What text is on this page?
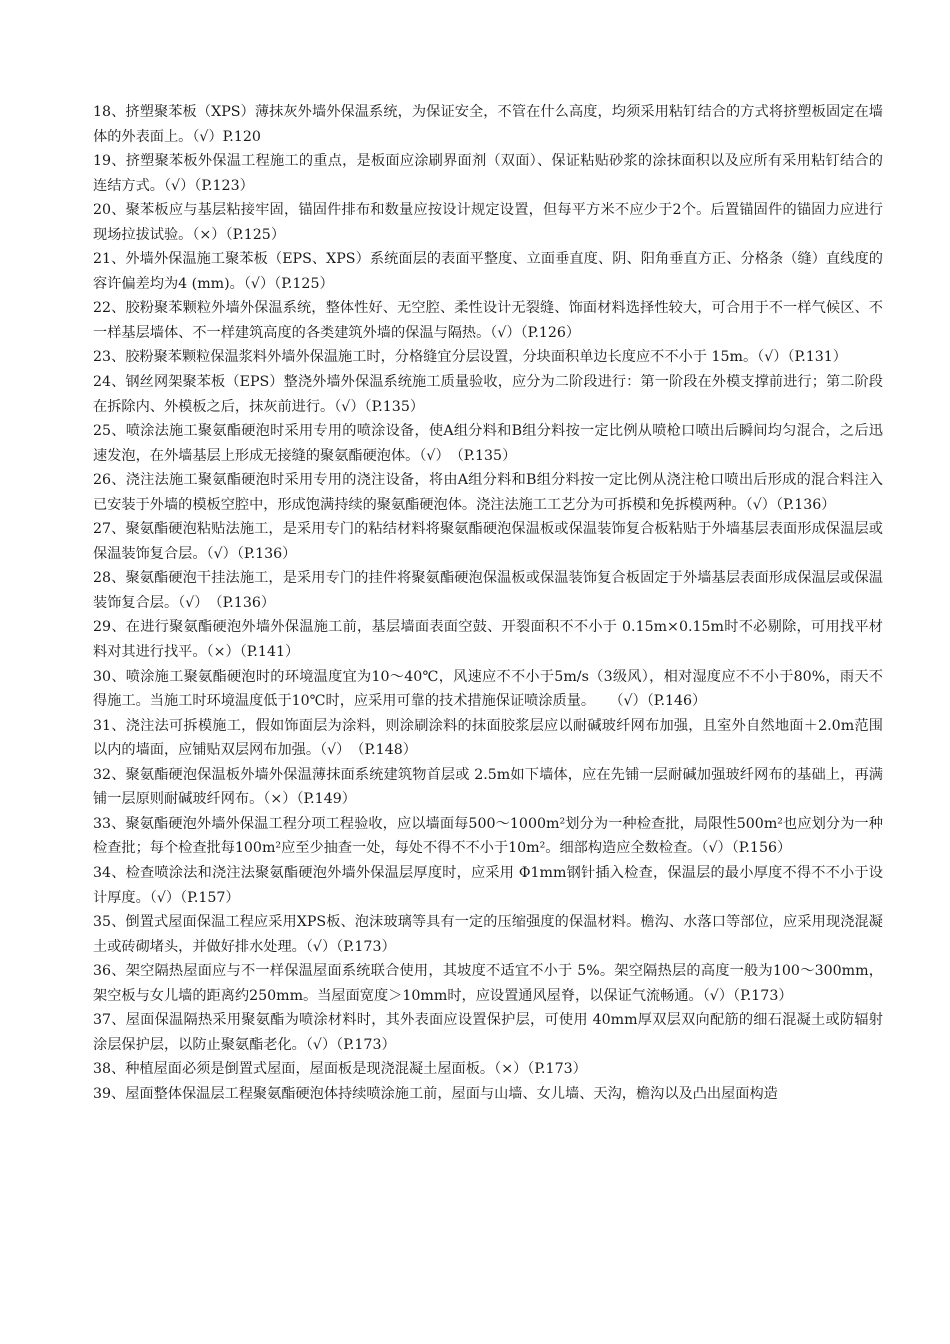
18、挤塑聚苯板（XPS）薄抹灰外墙外保温系统，为保证安全，不管在什么高度，均须采用粘钉结合的方式将挤塑板固定在墙体的外表面上。（√）P.120

19、挤塑聚苯板外保温工程施工的重点，是板面应涂刷界面剂（双面）、保证粘贴砂浆的涂抹面积以及应所有采用粘钉结合的连结方式。（√）（P.123）

20、聚苯板应与基层粘接牢固，锚固件排布和数量应按设计规定设置，但每平方米不应少于2个。后置锚固件的锚固力应进行现场拉拔试验。（×）（P.125）

21、外墙外保温施工聚苯板（EPS、XPS）系统面层的表面平整度、立面垂直度、阴、阳角垂直方正、分格条（缝）直线度的容许偏差均为4 (mm)。（√）（P.125）

22、胶粉聚苯颗粒外墙外保温系统，整体性好、无空腔、柔性设计无裂缝、饰面材料选择性较大，可合用于不一样气候区、不一样基层墙体、不一样建筑高度的各类建筑外墙的保温与隔热。（√）（P.126）

23、胶粉聚苯颗粒保温浆料外墙外保温施工时，分格缝宜分层设置，分块面积单边长度应不不小于 15m。（√）（P.131）

24、钢丝网架聚苯板（EPS）整浇外墙外保温系统施工质量验收，应分为二阶段进行：第一阶段在外模支撑前进行；第二阶段在拆除内、外模板之后，抹灰前进行。（√）（P.135）

25、喷涂法施工聚氨酯硬泡时采用专用的喷涂设备，使A组分料和B组分料按一定比例从喷枪口喷出后瞬间均匀混合，之后迅速发泡，在外墙基层上形成无接缝的聚氨酯硬泡体。（√）　（P.135）

26、浇注法施工聚氨酯硬泡时采用专用的浇注设备，将由A组分料和B组分料按一定比例从浇注枪口喷出后形成的混合料注入已安装于外墙的模板空腔中，形成饱满持续的聚氨酯硬泡体。浇注法施工工艺分为可拆模和免拆模两种。（√）（P.136）

27、聚氨酯硬泡粘贴法施工，是采用专门的粘结材料将聚氨酯硬泡保温板或保温装饰复合板粘贴于外墙基层表面形成保温层或保温装饰复合层。（√）（P.136）

28、聚氨酯硬泡干挂法施工，是采用专门的挂件将聚氨酯硬泡保温板或保温装饰复合板固定于外墙基层表面形成保温层或保温装饰复合层。（√）　（P.136）

29、在进行聚氨酯硬泡外墙外保温施工前，基层墙面表面空鼓、开裂面积不不小于 0.15m×0.15m时不必剔除，可用找平材料对其进行找平。（×）（P.141）

30、喷涂施工聚氨酯硬泡时的环境温度宜为10～40℃，风速应不不小于5m/s（3级风），相对湿度应不不小于80%，雨天不得施工。当施工时环境温度低于10℃时，应采用可靠的技术措施保证喷涂质量。　　（√）（P.146）

31、浇注法可拆模施工，假如饰面层为涂料，则涂刷涂料的抹面胶浆层应以耐碱玻纤网布加强，且室外自然地面＋2.0m范围以内的墙面，应铺贴双层网布加强。（√）　（P.148）

32、聚氨酯硬泡保温板外墙外保温薄抹面系统建筑物首层或 2.5m如下墙体，应在先铺一层耐碱加强玻纤网布的基础上，再满铺一层原则耐碱玻纤网布。（×）（P.149）

33、聚氨酯硬泡外墙外保温工程分项工程验收，应以墙面每500～1000m²划分为一种检查批，局限性500m²也应划分为一种检查批；每个检查批每100m²应至少抽查一处，每处不得不不小于10m²。细部构造应全数检查。（√）（P.156）

34、检查喷涂法和浇注法聚氨酯硬泡外墙外保温层厚度时，应采用 Φ1mm钢针插入检查，保温层的最小厚度不得不不小于设计厚度。（√）（P.157）

35、倒置式屋面保温工程应采用XPS板、泡沫玻璃等具有一定的压缩强度的保温材料。檐沟、水落口等部位，应采用现浇混凝土或砖砌堵头，并做好排水处理。（√）（P.173）

36、架空隔热屋面应与不一样保温屋面系统联合使用，其坡度不适宜不小于 5%。架空隔热层的高度一般为100～300mm，架空板与女儿墙的距离约250mm。当屋面宽度＞10mm时，应设置通风屋脊，以保证气流畅通。（√）（P.173）

37、屋面保温隔热采用聚氨酯为喷涂材料时，其外表面应设置保护层，可使用 40mm厚双层双向配筋的细石混凝土或防辐射涂层保护层，以防止聚氨酯老化。（√）（P.173）

38、种植屋面必须是倒置式屋面，屋面板是现浇混凝土屋面板。（×）（P.173）

39、屋面整体保温层工程聚氨酯硬泡体持续喷涂施工前，屋面与山墙、女儿墙、天沟，檐沟以及凸出屋面构造
